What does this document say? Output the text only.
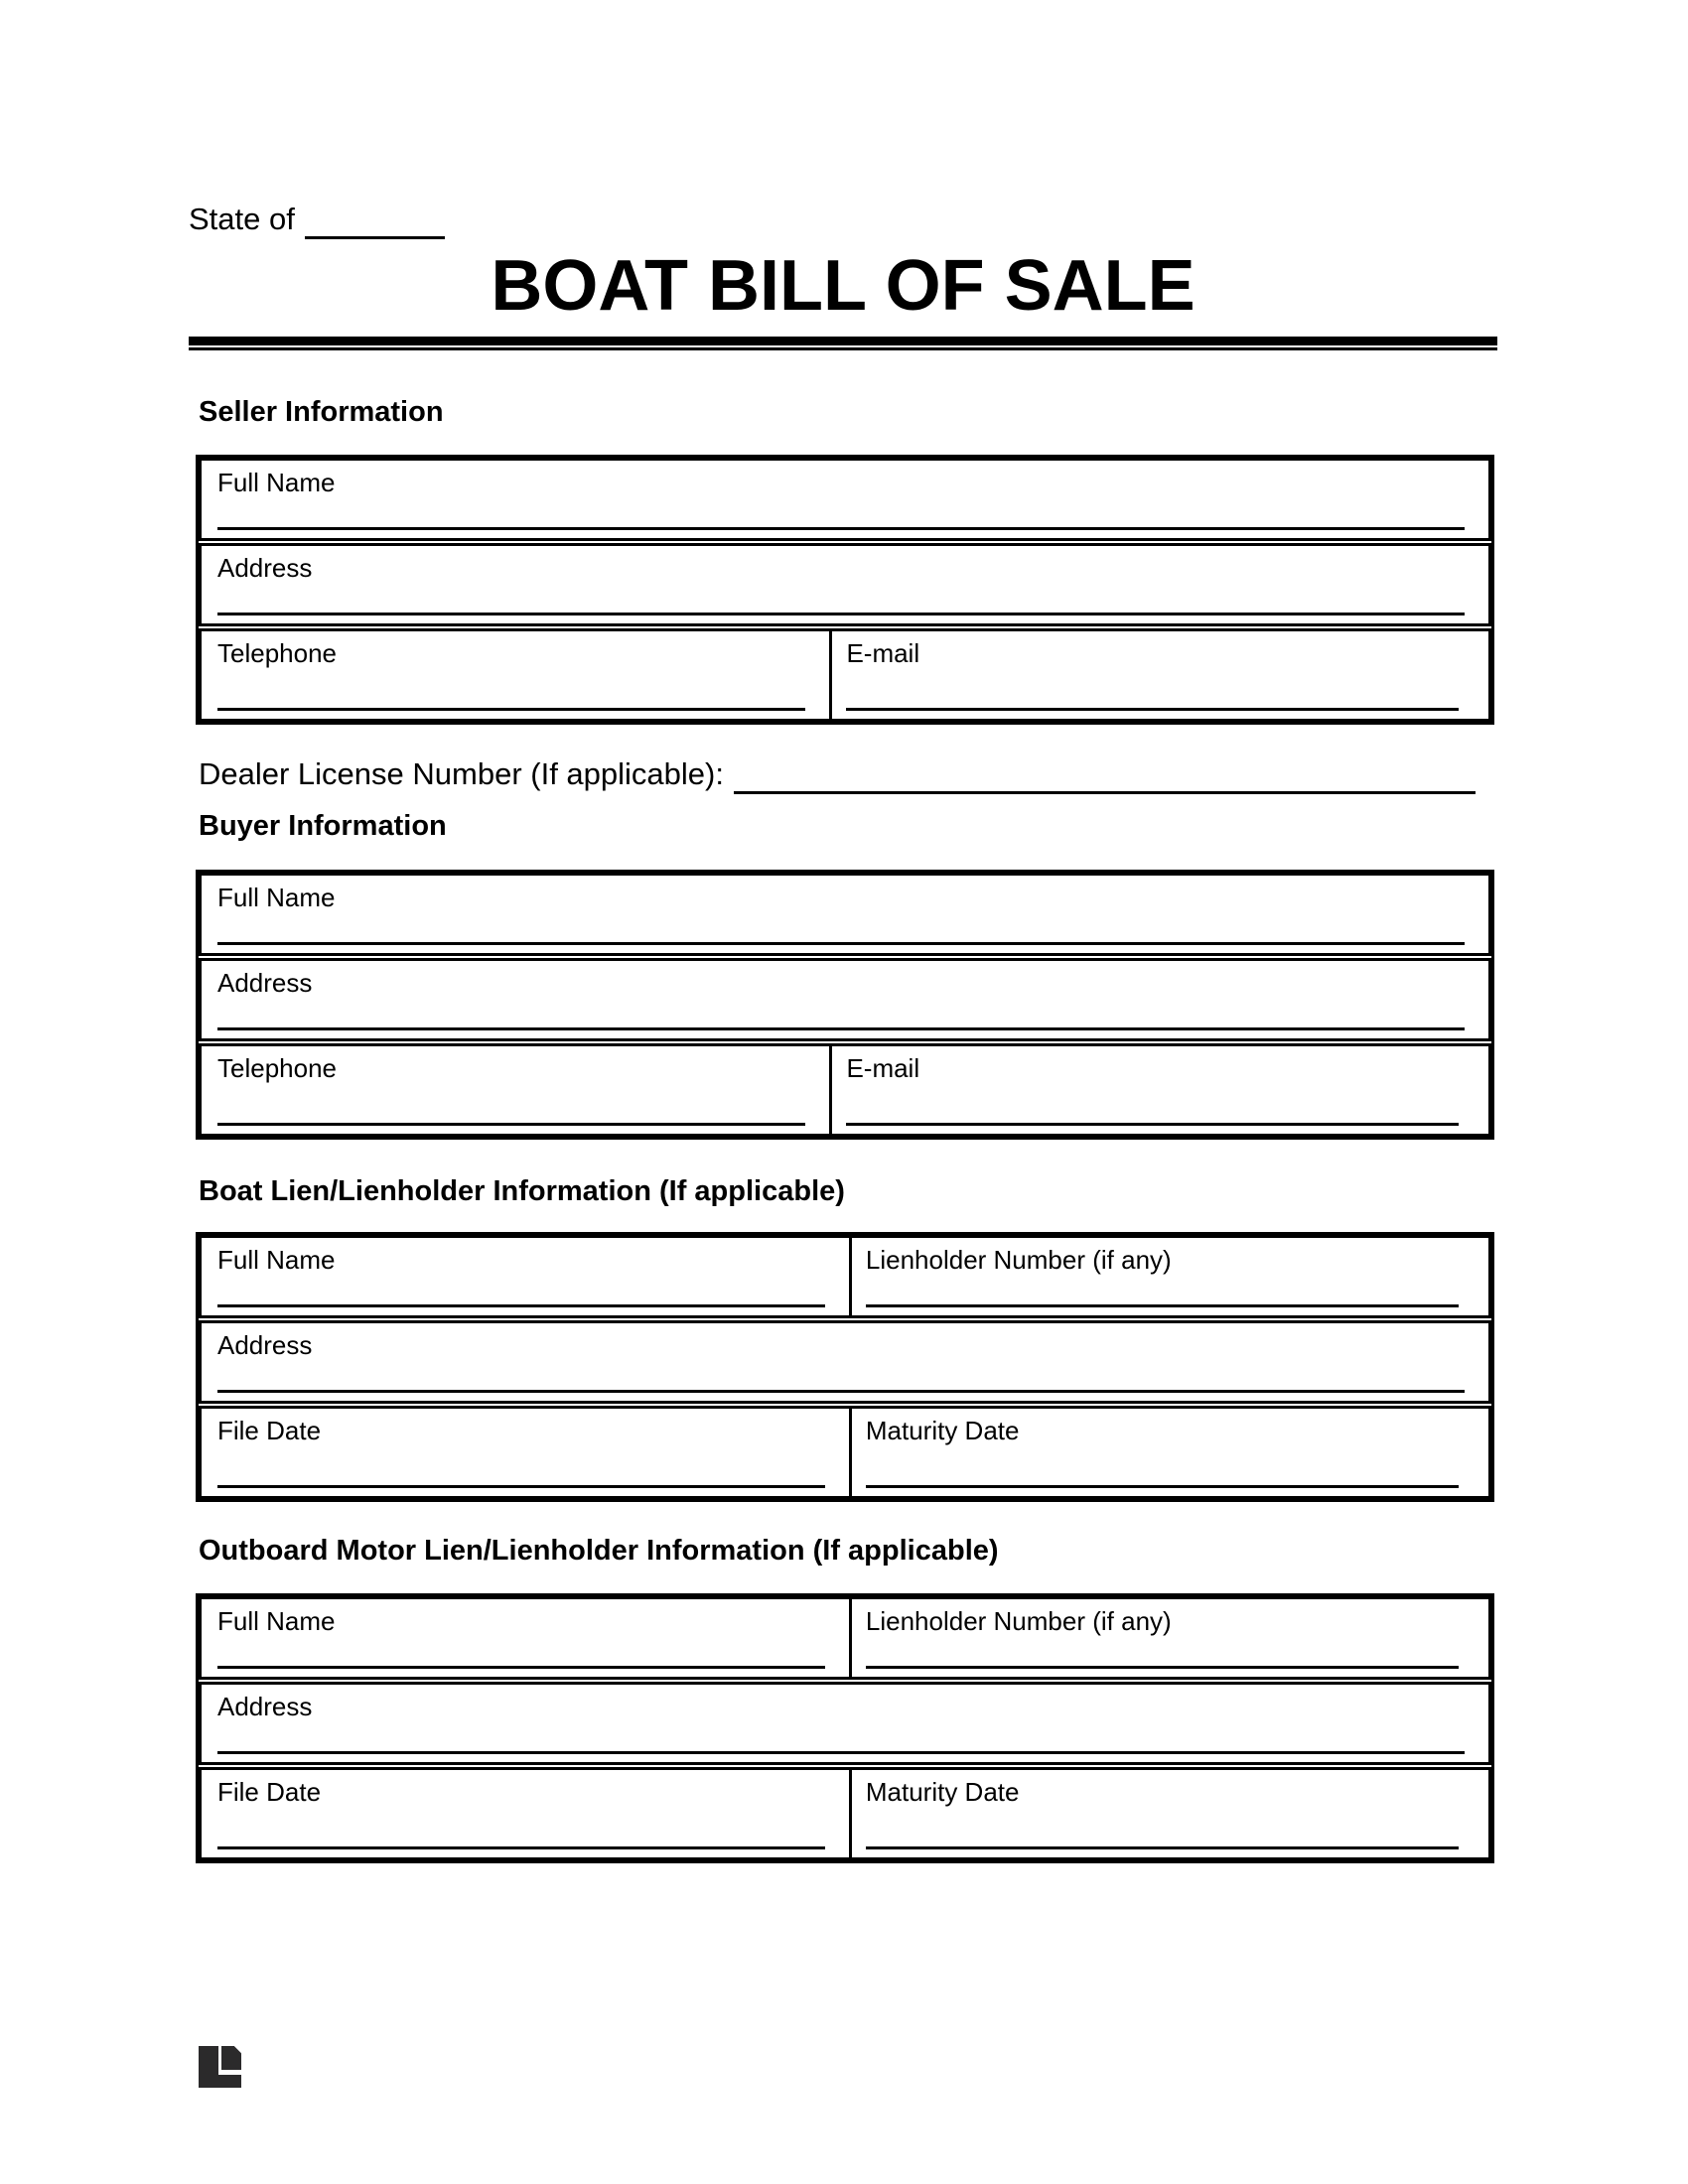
State of
BOAT BILL OF SALE
Seller Information
Full Name
Address
Telephone	E-mail
Dealer License Number (If applicable):
Buyer Information
Full Name
Address
Telephone	E-mail
Boat Lien/Lienholder Information (If applicable)
Full Name	Lienholder Number (if any)
Address
File Date	Maturity Date
Outboard Motor Lien/Lienholder Information (If applicable)
Full Name	Lienholder Number (if any)
Address
File Date	Maturity Date
